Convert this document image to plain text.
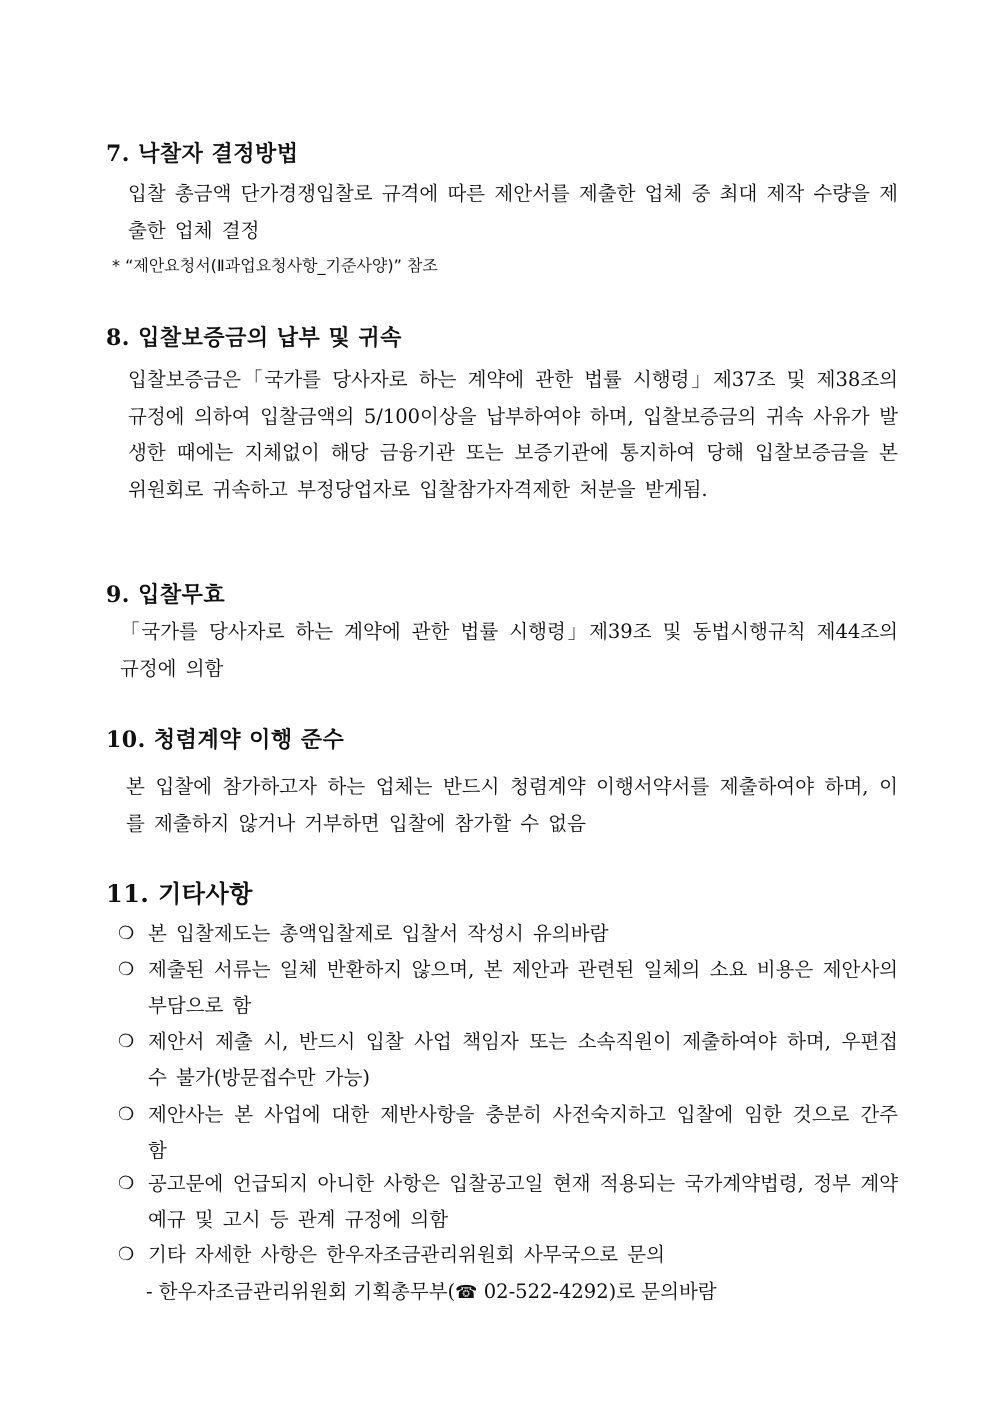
7. 낙찰자 결정방법
입찰 총금액 단가경쟁입찰로 규격에 따른 제안서를 제출한 업체 중 최대 제작 수량을 제출한 업체 결정
* “제안요청서(Ⅱ과업요청사항_기준사양)” 참조
8. 입찰보증금의 납부 및 귀속
입찰보증금은「국가를 당사자로 하는 계약에 관한 법률 시행령」제37조 및 제38조의 규정에 의하여 입찰금액의 5/100이상을 납부하여야 하며, 입찰보증금의 귀속 사유가 발생한 때에는 지체없이 해당 금융기관 또는 보증기관에 통지하여 당해 입찰보증금을 본 위원회로 귀속하고 부정당업자로 입찰참가자격제한 처분을 받게됨.
9. 입찰무효
「국가를 당사자로 하는 계약에 관한 법률 시행령」제39조 및 동법시행규칙 제44조의 규정에 의함
10. 청렴계약 이행 준수
본 입찰에 참가하고자 하는 업체는 반드시 청렴계약 이행서약서를 제출하여야 하며, 이를 제출하지 않거나 거부하면 입찰에 참가할 수 없음
11. 기타사항
❍ 본 입찰제도는 총액입찰제로 입찰서 작성시 유의바람
❍ 제출된 서류는 일체 반환하지 않으며, 본 제안과 관련된 일체의 소요 비용은 제안사의 부담으로 함
❍ 제안서 제출 시, 반드시 입찰 사업 책임자 또는 소속직원이 제출하여야 하며, 우편접수 불가(방문접수만 가능)
❍ 제안사는 본 사업에 대한 제반사항을 충분히 사전숙지하고 입찰에 임한 것으로 간주함
❍ 공고문에 언급되지 아니한 사항은 입찰공고일 현재 적용되는 국가계약법령, 정부 계약예규 및 고시 등 관계 규정에 의함
❍ 기타 자세한 사항은 한우자조금관리위원회 사무국으로 문의
- 한우자조금관리위원회 기획총무부(☎ 02-522-4292)로 문의바람
